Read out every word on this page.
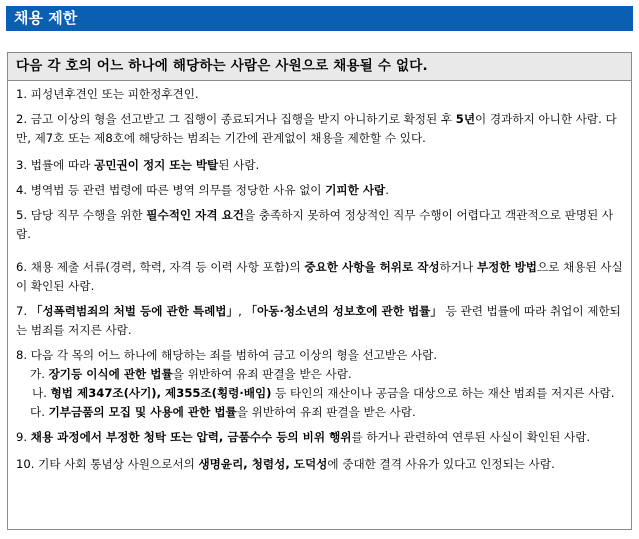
채용 제한
다음 각 호의 어느 하나에 해당하는 사람은 사원으로 채용될 수 없다.

1. 피성년후견인 또는 피한정후견인.

2. 금고 이상의 형을 선고받고 그 집행이 종료되거나 집행을 받지 아니하기로 확정된 후 5년이 경과하지 아니한 사람. 다만, 제7호 또는 제8호에 해당하는 범죄는 기간에 관계없이 채용을 제한할 수 있다.

3. 법률에 따라 공민권이 정지 또는 박탈된 사람.

4. 병역법 등 관련 법령에 따른 병역 의무를 정당한 사유 없이 기피한 사람.

5. 담당 직무 수행을 위한 필수적인 자격 요건을 충족하지 못하여 정상적인 직무 수행이 어렵다고 객관적으로 판명된 사람.

6. 채용 제출 서류(경력, 학력, 자격 등 이력 사항 포함)의 중요한 사항을 허위로 작성하거나 부정한 방법으로 채용된 사실이 확인된 사람.

7. 「성폭력범죄의 처벌 등에 관한 특례법」, 「아동·청소년의 성보호에 관한 법률」 등 관련 법률에 따라 취업이 제한되는 범죄를 저지른 사람.

8. 다음 각 목의 어느 하나에 해당하는 죄를 범하여 금고 이상의 형을 선고받은 사람.

가. 장기등 이식에 관한 법률을 위반하여 유죄 판결을 받은 사람.

나. 형법 제347조(사기), 제355조(횡령·배임) 등 타인의 재산이나 공금을 대상으로 하는 재산 범죄를 저지른 사람.

다. 기부금품의 모집 및 사용에 관한 법률을 위반하여 유죄 판결을 받은 사람.

9. 채용 과정에서 부정한 청탁 또는 압력, 금품수수 등의 비위 행위를 하거나 관련하여 연루된 사실이 확인된 사람.

10. 기타 사회 통념상 사원으로서의 생명윤리, 청렴성, 도덕성에 중대한 결격 사유가 있다고 인정되는 사람.
